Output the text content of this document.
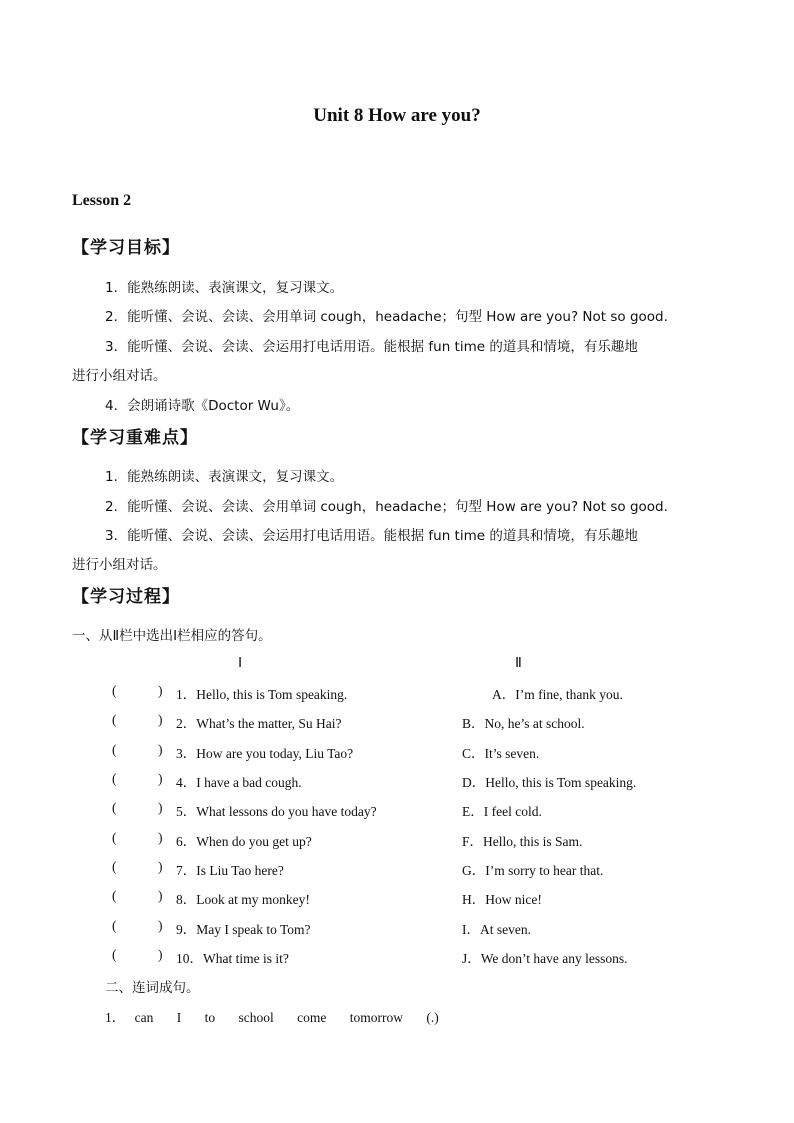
Unit 8 How are you?
Lesson 2
【学习目标】
1．能熟练朗读、表演课文，复习课文。
2．能听懂、会说、会读、会用单词 cough，headache；句型 How are you? Not so good.
3．能听懂、会说、会读、会运用打电话用语。能根据 fun time 的道具和情境，有乐趣地
进行小组对话。
4．会朗诵诗歌《Doctor Wu》。
【学习重难点】
1．能熟练朗读、表演课文，复习课文。
2．能听懂、会说、会读、会用单词 cough，headache；句型 How are you? Not so good.
3．能听懂、会说、会读、会运用打电话用语。能根据 fun time 的道具和情境，有乐趣地
进行小组对话。
【学习过程】
一、从Ⅱ栏中选出Ⅰ栏相应的答句。
Ⅰ	Ⅱ
(	) 1．Hello, this is Tom speaking.	A．I’m fine, thank you.
(	) 2．What’s the matter, Su Hai?	B．No, he’s at school.
(	) 3．How are you today, Liu Tao?	C．It’s seven.
(	) 4．I have a bad cough.	D．Hello, this is Tom speaking.
(	) 5．What lessons do you have today?	E．I feel cold.
(	) 6．When do you get up?	F．Hello, this is Sam.
(	) 7．Is Liu Tao here?	G．I’m sorry to hear that.
(	) 8．Look at my monkey!	H．How nice!
(	) 9．May I speak to Tom?	I．At seven.
(	) 10．What time is it?	J．We don’t have any lessons.
二、连词成句。
1． can I to school come tomorrow (.)
